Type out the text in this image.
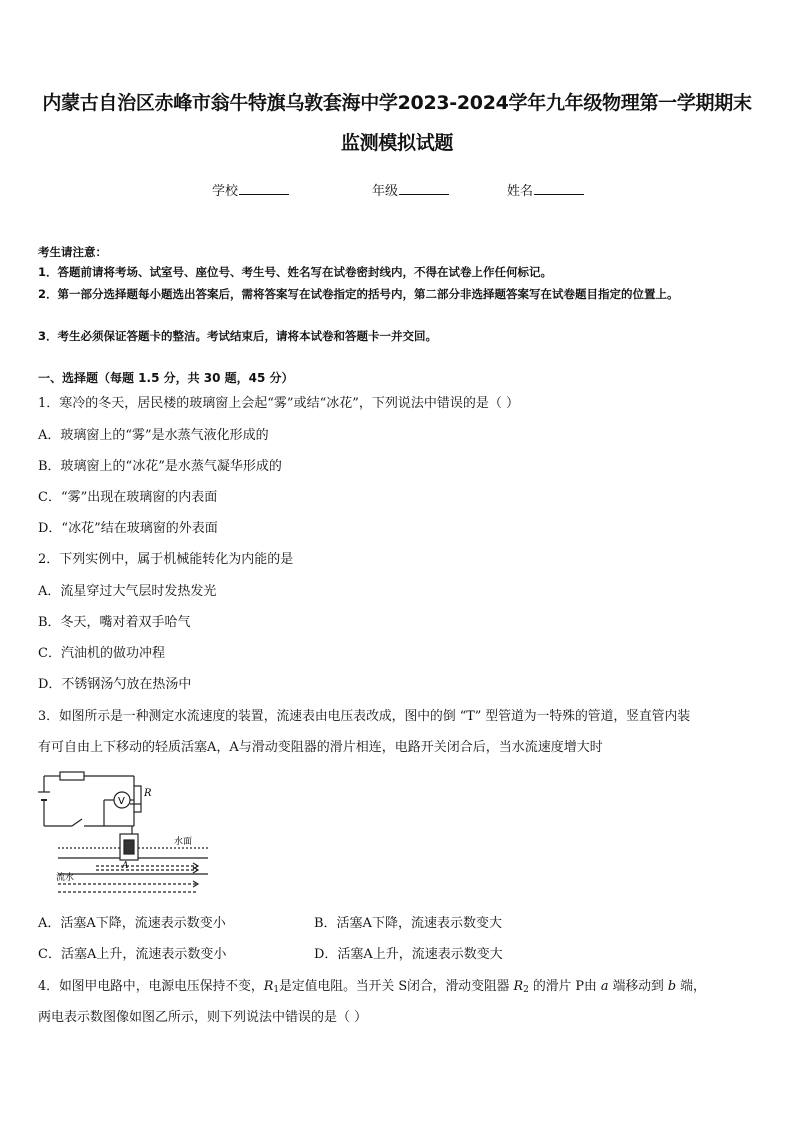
内蒙古自治区赤峰市翁牛特旗乌敦套海中学2023-2024学年九年级物理第一学期期末
监测模拟试题
学校	年级	姓名
考生请注意：
1．答题前请将考场、试室号、座位号、考生号、姓名写在试卷密封线内，不得在试卷上作任何标记。
2．第一部分选择题每小题选出答案后，需将答案写在试卷指定的括号内，第二部分非选择题答案写在试卷题目指定的位置上。
3．考生必须保证答题卡的整洁。考试结束后，请将本试卷和答题卡一并交回。
一、选择题（每题 1.5 分，共 30 题，45 分）
1．寒冷的冬天，居民楼的玻璃窗上会起“雾”或结“冰花”，下列说法中错误的是（ ）
A．玻璃窗上的“雾”是水蒸气液化形成的
B．玻璃窗上的“冰花”是水蒸气凝华形成的
C．“雾”出现在玻璃窗的内表面
D．“冰花”结在玻璃窗的外表面
2．下列实例中，属于机械能转化为内能的是
A．流星穿过大气层时发热发光
B．冬天，嘴对着双手哈气
C．汽油机的做功冲程
D．不锈钢汤勺放在热汤中
3．如图所示是一种测定水流速度的装置，流速表由电压表改成，图中的倒 “T” 型管道为一特殊的管道，竖直管内装
有可自由上下移动的轻质活塞A，A与滑动变阻器的滑片相连，电路开关闭合后，当水流速度增大时
V
R
A
水面
流水
A．活塞A下降，流速表示数变小	B．活塞A下降，流速表示数变大
C．活塞A上升，流速表示数变小	D．活塞A上升，流速表示数变大
4．如图甲电路中，电源电压保持不变，$R_1$是定值电阻。当开关 S闭合，滑动变阻器 $R_2$ 的滑片 P由 a 端移动到 b 端，
两电表示数图像如图乙所示，则下列说法中错误的是（ ）
